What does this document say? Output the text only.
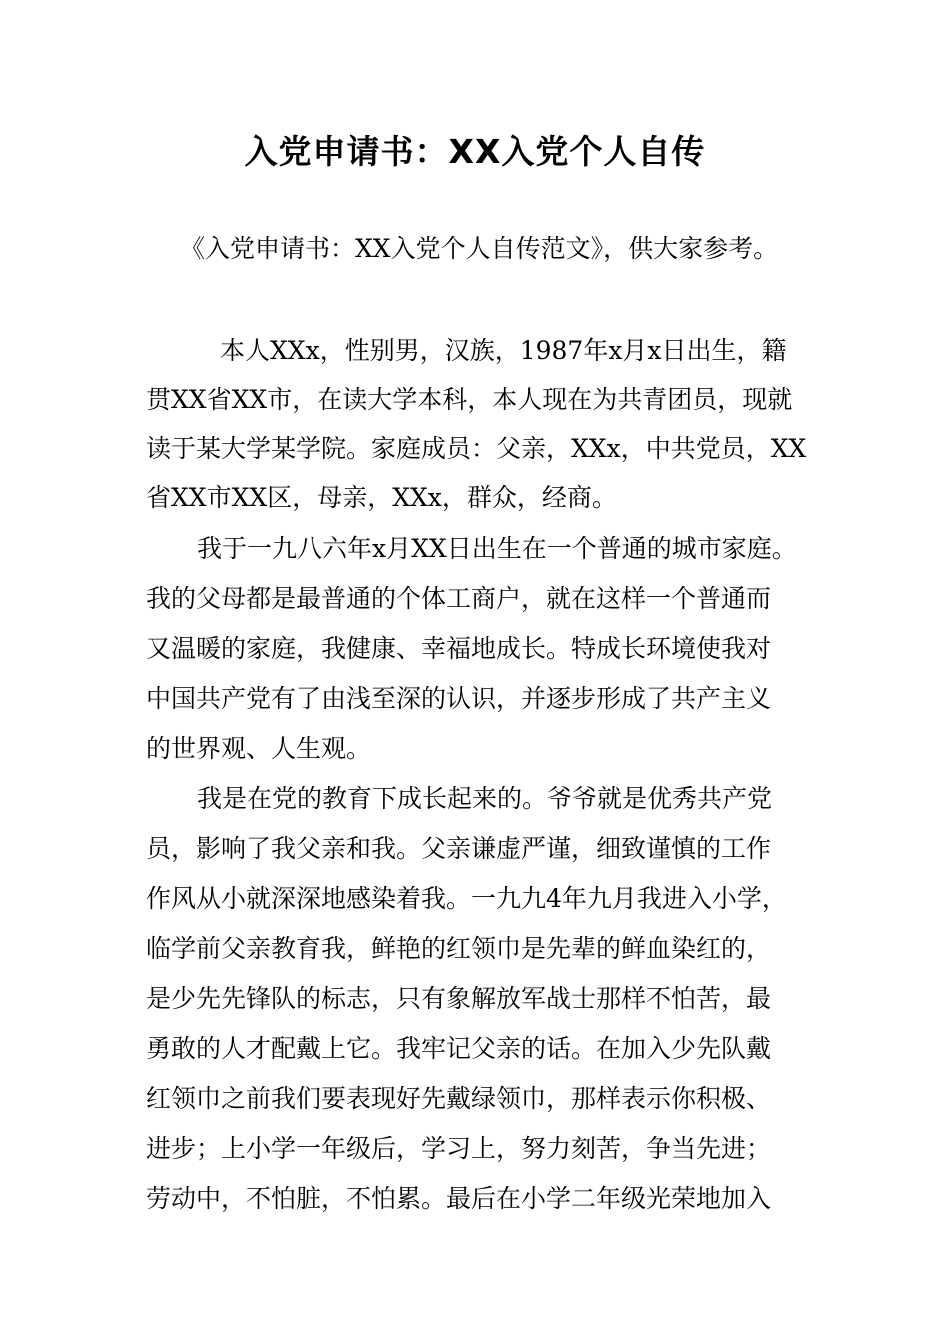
入党申请书：XX入党个人自传
《入党申请书：XX入党个人自传范文》，供大家参考。
本人XXx，性别男，汉族，1987年x月x日出生，籍
贯XX省XX市，在读大学本科，本人现在为共青团员，现就
读于某大学某学院。家庭成员：父亲，XXx，中共党员，XX
省XX市XX区，母亲，XXx，群众，经商。
我于一九八六年x月XX日出生在一个普通的城市家庭。
我的父母都是最普通的个体工商户，就在这样一个普通而
又温暖的家庭，我健康、幸福地成长。特成长环境使我对
中国共产党有了由浅至深的认识，并逐步形成了共产主义
的世界观、人生观。
我是在党的教育下成长起来的。爷爷就是优秀共产党
员，影响了我父亲和我。父亲谦虚严谨，细致谨慎的工作
作风从小就深深地感染着我。一九九4年九月我进入小学，
临学前父亲教育我，鲜艳的红领巾是先辈的鲜血染红的，
是少先先锋队的标志，只有象解放军战士那样不怕苦，最
勇敢的人才配戴上它。我牢记父亲的话。在加入少先队戴
红领巾之前我们要表现好先戴绿领巾，那样表示你积极、
进步；上小学一年级后，学习上，努力刻苦，争当先进；
劳动中，不怕脏，不怕累。最后在小学二年级光荣地加入
